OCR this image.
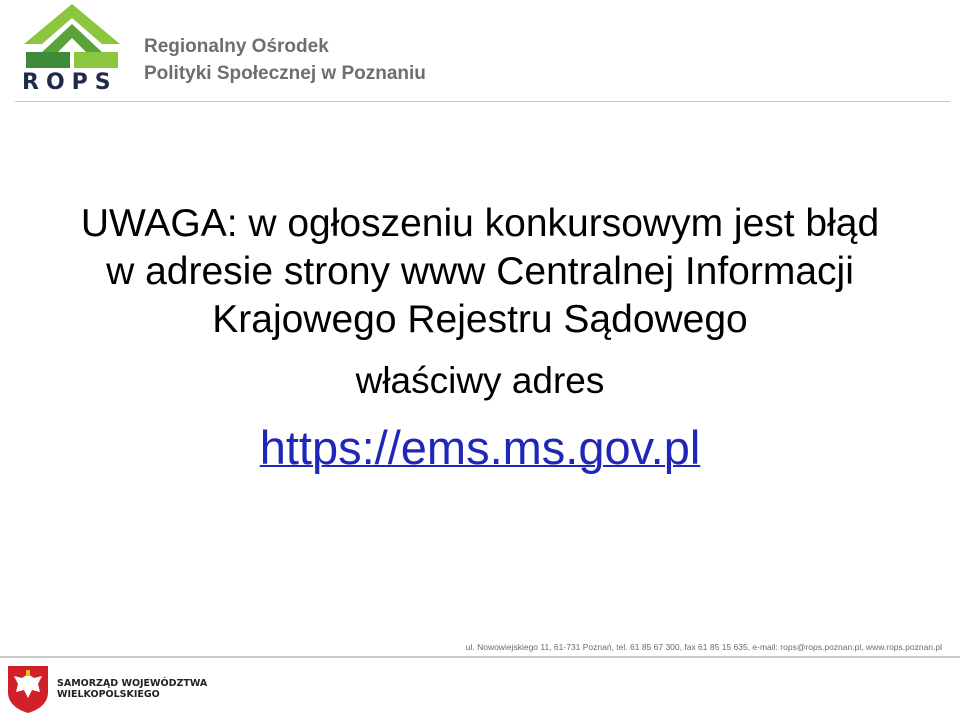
ROPS
Regionalny Ośrodek
Polityki Społecznej w Poznaniu
UWAGA: w ogłoszeniu konkursowym jest błąd
w adresie strony www Centralnej Informacji
Krajowego Rejestru Sądowego

właściwy adres

https://ems.ms.gov.pl
ul. Nowowiejskiego 11, 61-731 Poznań, tel. 61 85 67 300, fax 61 85 15 635, e-mail: rops@rops.poznan.pl, www.rops.poznan.pl
SAMORZĄD WOJEWÓDZTWA
WIELKOPOLSKIEGO
